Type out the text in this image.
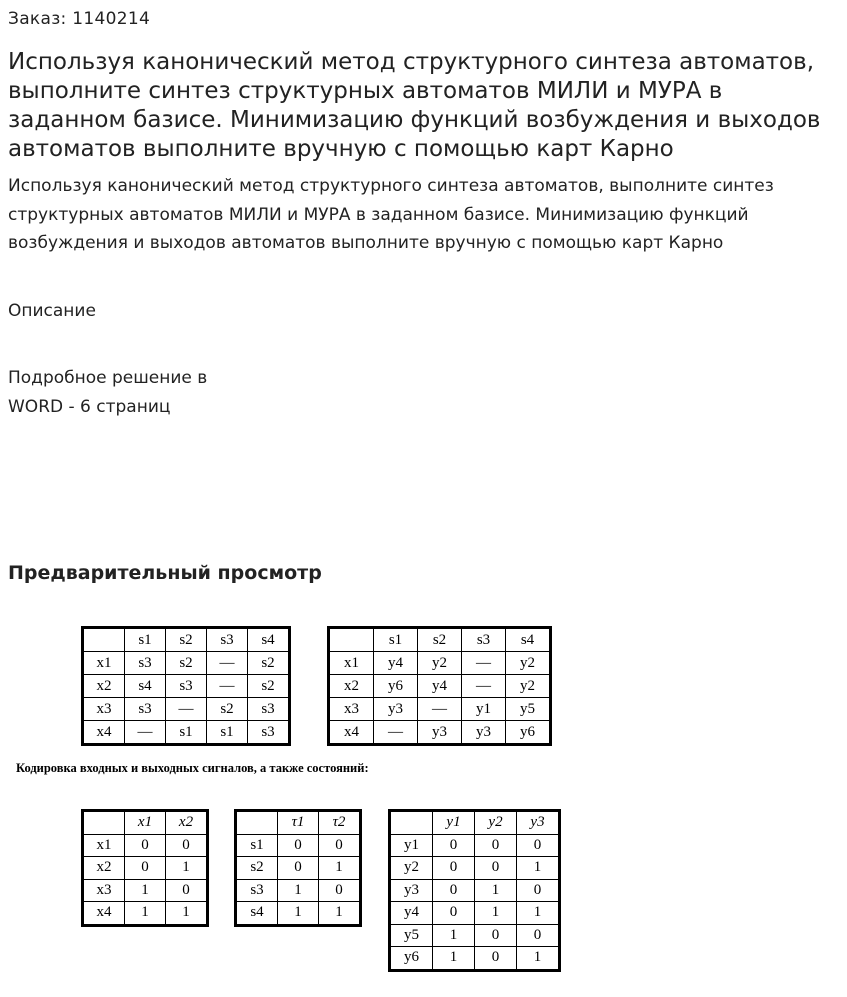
Заказ: 1140214
Используя канонический метод структурного синтеза автоматов, выполните синтез структурных автоматов МИЛИ и МУРА в заданном базисе. Минимизацию функций возбуждения и выходов автоматов выполните вручную с помощью карт Карно
Используя канонический метод структурного синтеза автоматов, выполните синтез структурных автоматов МИЛИ и МУРА в заданном базисе. Минимизацию функций возбуждения и выходов автоматов выполните вручную с помощью карт Карно
Описание
Подробное решение в
WORD - 6 страниц
Предварительный просмотр
	s1	s2	s3	s4
x1	s3	s2	—	s2
x2	s4	s3	—	s2
x3	s3	—	s2	s3
x4	—	s1	s1	s3
	s1	s2	s3	s4
x1	y4	y2	—	y2
x2	y6	y4	—	y2
x3	y3	—	y1	y5
x4	—	y3	y3	y6
Кодировка входных и выходных сигналов, а также состояний:
	x1	x2
x1	0	0
x2	0	1
x3	1	0
x4	1	1
	τ1	τ2
s1	0	0
s2	0	1
s3	1	0
s4	1	1
	y1	y2	y3
y1	0	0	0
y2	0	0	1
y3	0	1	0
y4	0	1	1
y5	1	0	0
y6	1	0	1
